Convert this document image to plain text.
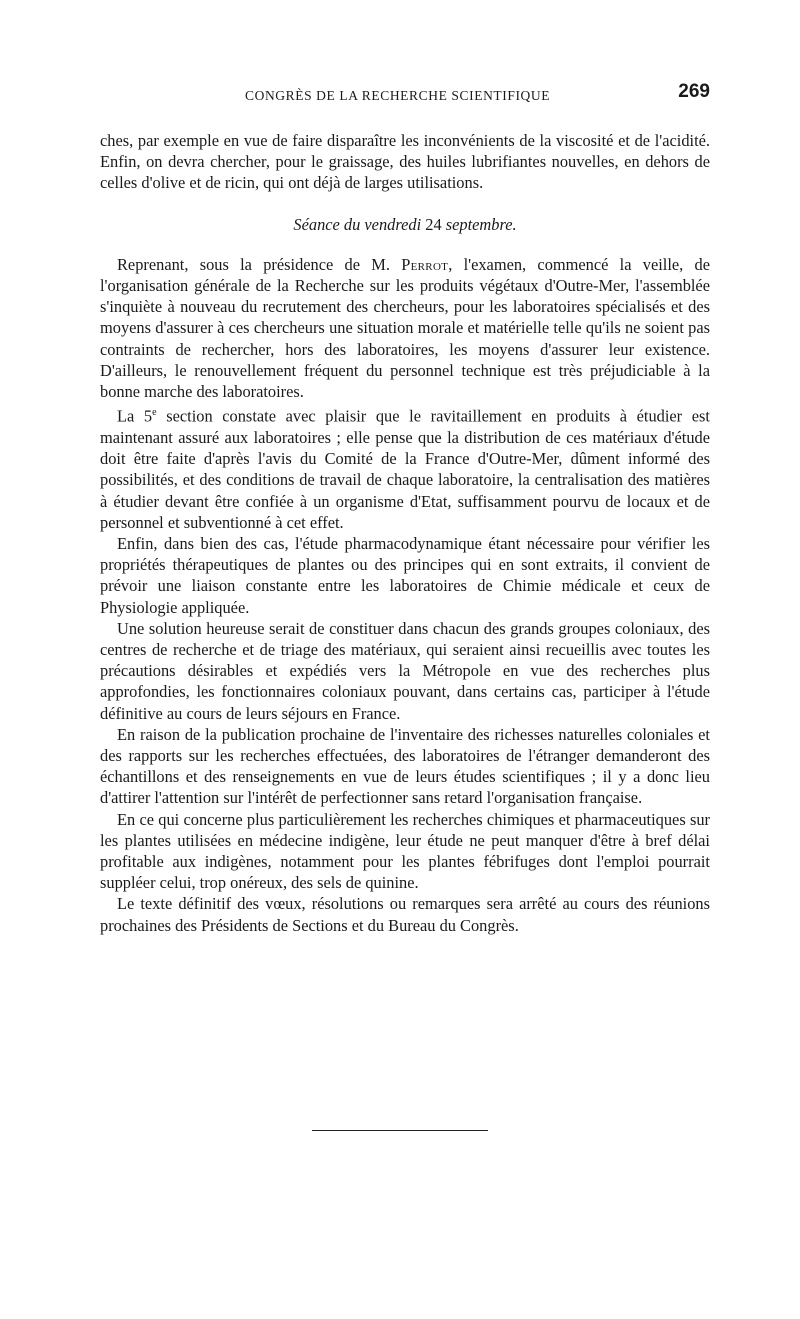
CONGRÈS DE LA RECHERCHE SCIENTIFIQUE	269

ches, par exemple en vue de faire disparaître les inconvénients de la viscosité et de l'acidité. Enfin, on devra chercher, pour le graissage, des huiles lubrifiantes nouvelles, en dehors de celles d'olive et de ricin, qui ont déjà de larges utilisations.

Séance du vendredi 24 septembre.

Reprenant, sous la présidence de M. Perrot, l'examen, commencé la veille, de l'organisation générale de la Recherche sur les produits végétaux d'Outre-Mer, l'assemblée s'inquiète à nouveau du recrutement des chercheurs, pour les laboratoires spécialisés et des moyens d'assurer à ces chercheurs une situation morale et matérielle telle qu'ils ne soient pas contraints de rechercher, hors des laboratoires, les moyens d'assurer leur existence. D'ailleurs, le renouvellement fréquent du personnel technique est très préjudiciable à la bonne marche des laboratoires.

La 5e section constate avec plaisir que le ravitaillement en produits à étudier est maintenant assuré aux laboratoires ; elle pense que la distribution de ces matériaux d'étude doit être faite d'après l'avis du Comité de la France d'Outre-Mer, dûment informé des possibilités, et des conditions de travail de chaque laboratoire, la centralisation des matières à étudier devant être confiée à un organisme d'Etat, suffisamment pourvu de locaux et de personnel et subventionné à cet effet.

Enfin, dans bien des cas, l'étude pharmacodynamique étant nécessaire pour vérifier les propriétés thérapeutiques de plantes ou des principes qui en sont extraits, il convient de prévoir une liaison constante entre les laboratoires de Chimie médicale et ceux de Physiologie appliquée.

Une solution heureuse serait de constituer dans chacun des grands groupes coloniaux, des centres de recherche et de triage des matériaux, qui seraient ainsi recueillis avec toutes les précautions désirables et expédiés vers la Métropole en vue des recherches plus approfondies, les fonctionnaires coloniaux pouvant, dans certains cas, participer à l'étude définitive au cours de leurs séjours en France.

En raison de la publication prochaine de l'inventaire des richesses naturelles coloniales et des rapports sur les recherches effectuées, des laboratoires de l'étranger demanderont des échantillons et des renseignements en vue de leurs études scientifiques ; il y a donc lieu d'attirer l'attention sur l'intérêt de perfectionner sans retard l'organisation française.

En ce qui concerne plus particulièrement les recherches chimiques et pharmaceutiques sur les plantes utilisées en médecine indigène, leur étude ne peut manquer d'être à bref délai profitable aux indigènes, notamment pour les plantes fébrifuges dont l'emploi pourrait suppléer celui, trop onéreux, des sels de quinine.

Le texte définitif des vœux, résolutions ou remarques sera arrêté au cours des réunions prochaines des Présidents de Sections et du Bureau du Congrès.
